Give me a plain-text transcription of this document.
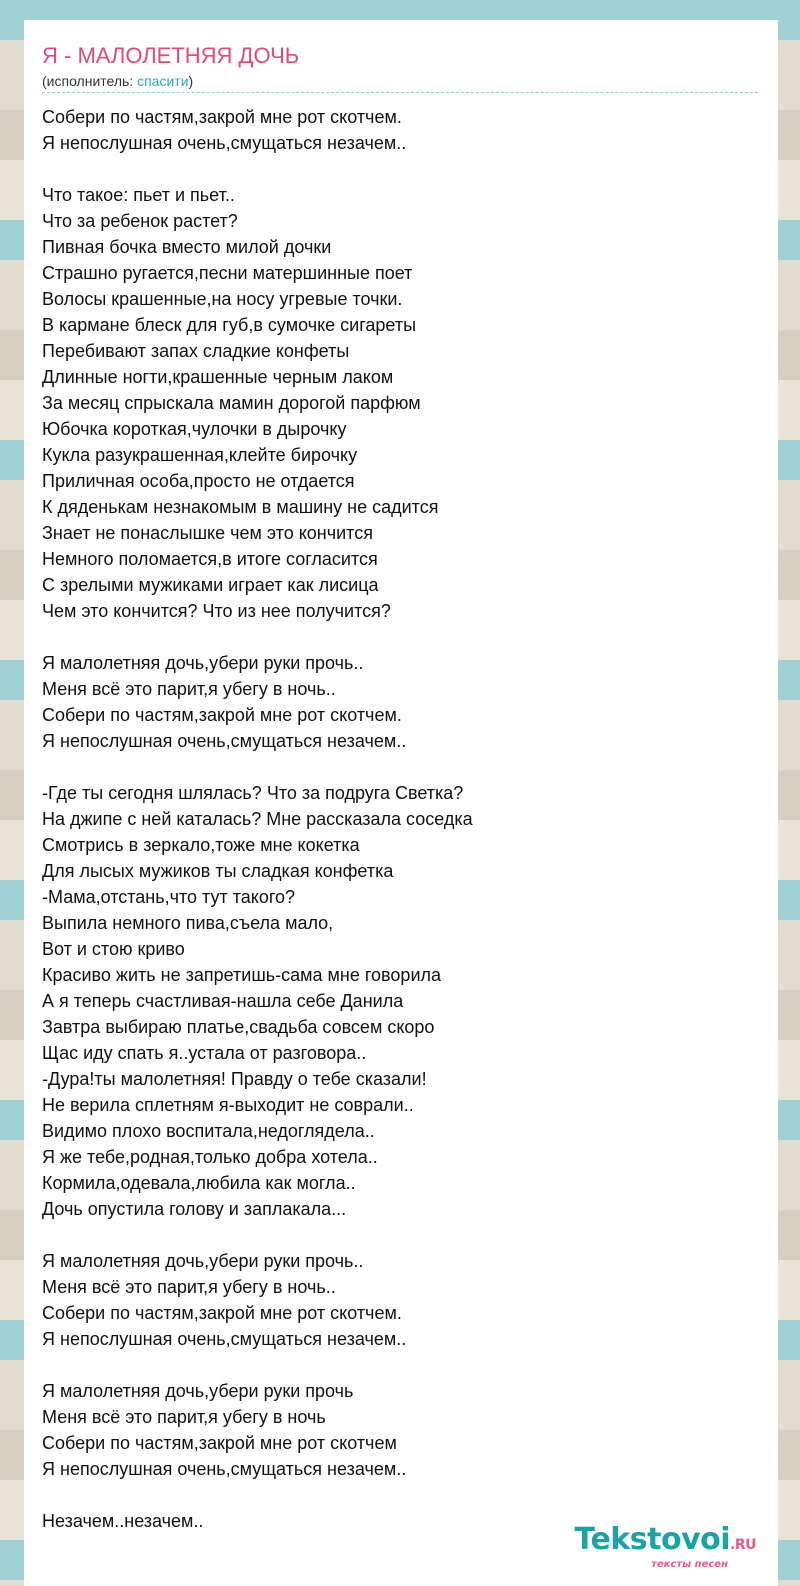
Я - МАЛОЛЕТНЯЯ ДОЧЬ
(исполнитель: спасити)
Собери по частям,закрой мне рот скотчем.
Я непослушная очень,смущаться незачем..

Что такое: пьет и пьет..
Что за ребенок растет?
Пивная бочка вместо милой дочки
Страшно ругается,песни матершинные поет
Волосы крашенные,на носу угревые точки.
В кармане блеск для губ,в сумочке сигареты
Перебивают запах сладкие конфеты
Длинные ногти,крашенные черным лаком
За месяц спрыскала мамин дорогой парфюм
Юбочка короткая,чулочки в дырочку
Кукла разукрашенная,клейте бирочку
Приличная особа,просто не отдается
К дяденькам незнакомым в машину не садится
Знает не понаслышке чем это кончится
Немного поломается,в итоге согласится
С зрелыми мужиками играет как лисица
Чем это кончится? Что из нее получится?

Я малолетняя дочь,убери руки прочь..
Меня всё это парит,я убегу в ночь..
Собери по частям,закрой мне рот скотчем.
Я непослушная очень,смущаться незачем..

-Где ты сегодня шлялась? Что за подруга Светка?
На джипе с ней каталась? Мне рассказала соседка
Смотрись в зеркало,тоже мне кокетка
Для лысых мужиков ты сладкая конфетка
-Мама,отстань,что тут такого?
Выпила немного пива,съела мало,
Вот и стою криво
Красиво жить не запретишь-сама мне говорила
А я теперь счастливая-нашла себе Данила
Завтра выбираю платье,свадьба совсем скоро
Щас иду спать я..устала от разговора..
-Дура!ты малолетняя! Правду о тебе сказали!
Не верила сплетням я-выходит не соврали..
Видимо плохо воспитала,недоглядела..
Я же тебе,родная,только добра хотела..
Кормила,одевала,любила как могла..
Дочь опустила голову и заплакала...

Я малолетняя дочь,убери руки прочь..
Меня всё это парит,я убегу в ночь..
Собери по частям,закрой мне рот скотчем.
Я непослушная очень,смущаться незачем..

Я малолетняя дочь,убери руки прочь
Меня всё это парит,я убегу в ночь
Собери по частям,закрой мне рот скотчем
Я непослушная очень,смущаться незачем..

Незачем..незачем..
Tekstovoi.RU
тексты песен
